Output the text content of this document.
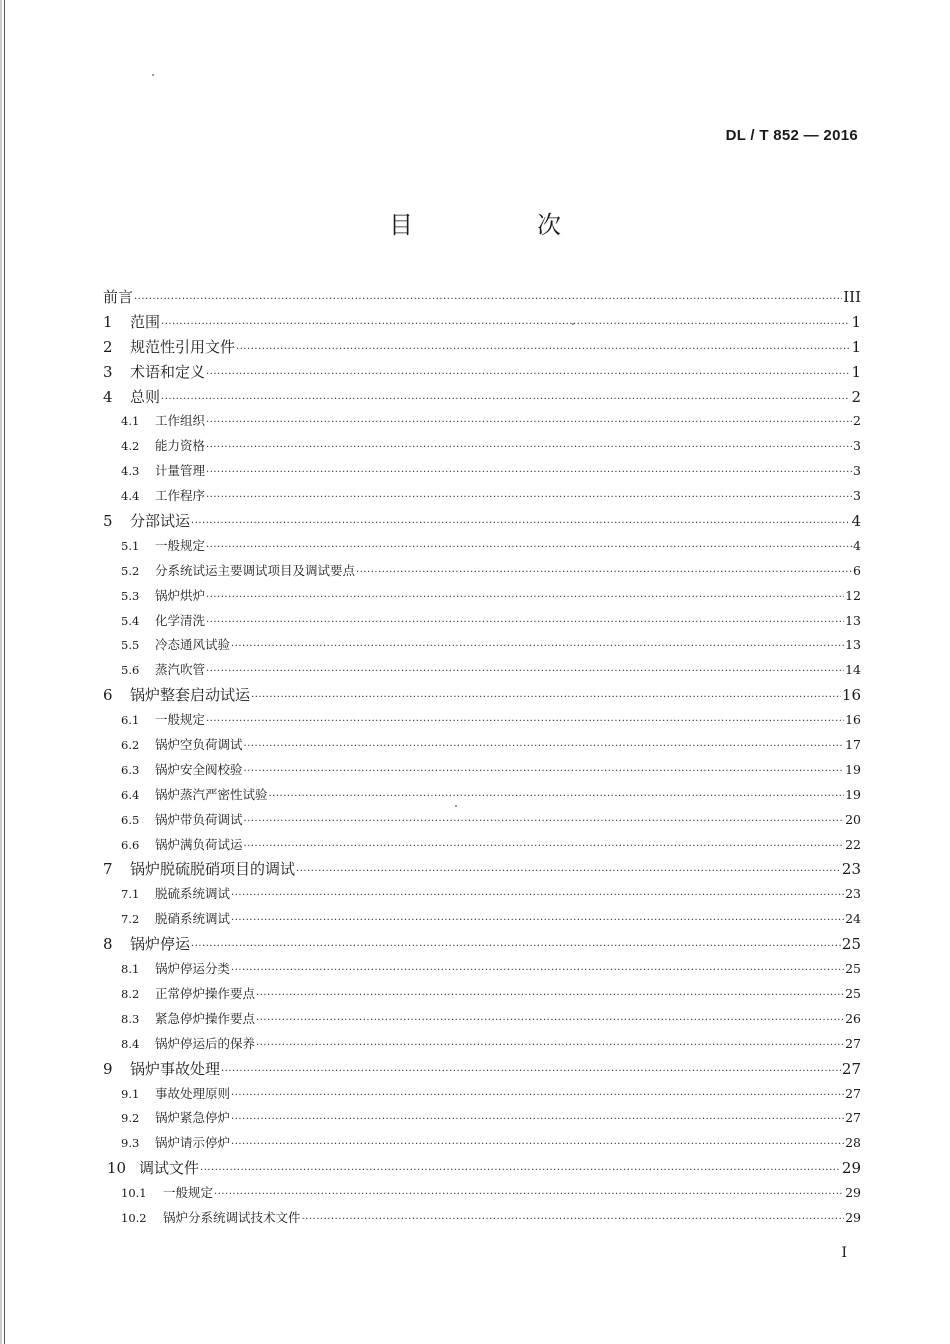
DL / T 852 — 2016
目　次
前言 ·····	III
1	范围 ·····	1
2	规范性引用文件 ·····	1
3	术语和定义 ·····	1
4	总则 ·····	2
4.1	工作组织 ·····	2
4.2	能力资格 ·····	3
4.3	计量管理 ·····	3
4.4	工作程序 ·····	3
5	分部试运 ·····	4
5.1	一般规定 ·····	4
5.2	分系统试运主要调试项目及调试要点 ·····	6
5.3	锅炉烘炉 ·····	12
5.4	化学清洗 ·····	13
5.5	冷态通风试验 ·····	13
5.6	蒸汽吹管 ·····	14
6	锅炉整套启动试运 ·····	16
6.1	一般规定 ·····	16
6.2	锅炉空负荷调试 ·····	17
6.3	锅炉安全阀校验 ·····	19
6.4	锅炉蒸汽严密性试验 ·····	19
6.5	锅炉带负荷调试 ·····	20
6.6	锅炉满负荷试运 ·····	22
7	锅炉脱硫脱硝项目的调试 ·····	23
7.1	脱硫系统调试 ·····	23
7.2	脱硝系统调试 ·····	24
8	锅炉停运 ·····	25
8.1	锅炉停运分类 ·····	25
8.2	正常停炉操作要点 ·····	25
8.3	紧急停炉操作要点 ·····	26
8.4	锅炉停运后的保养 ·····	27
9	锅炉事故处理 ·····	27
9.1	事故处理原则 ·····	27
9.2	锅炉紧急停炉 ·····	27
9.3	锅炉请示停炉 ·····	28
10 调试文件 ·····	29
10.1	一般规定 ·····	29
10.2	锅炉分系统调试技术文件 ·····	29
I
